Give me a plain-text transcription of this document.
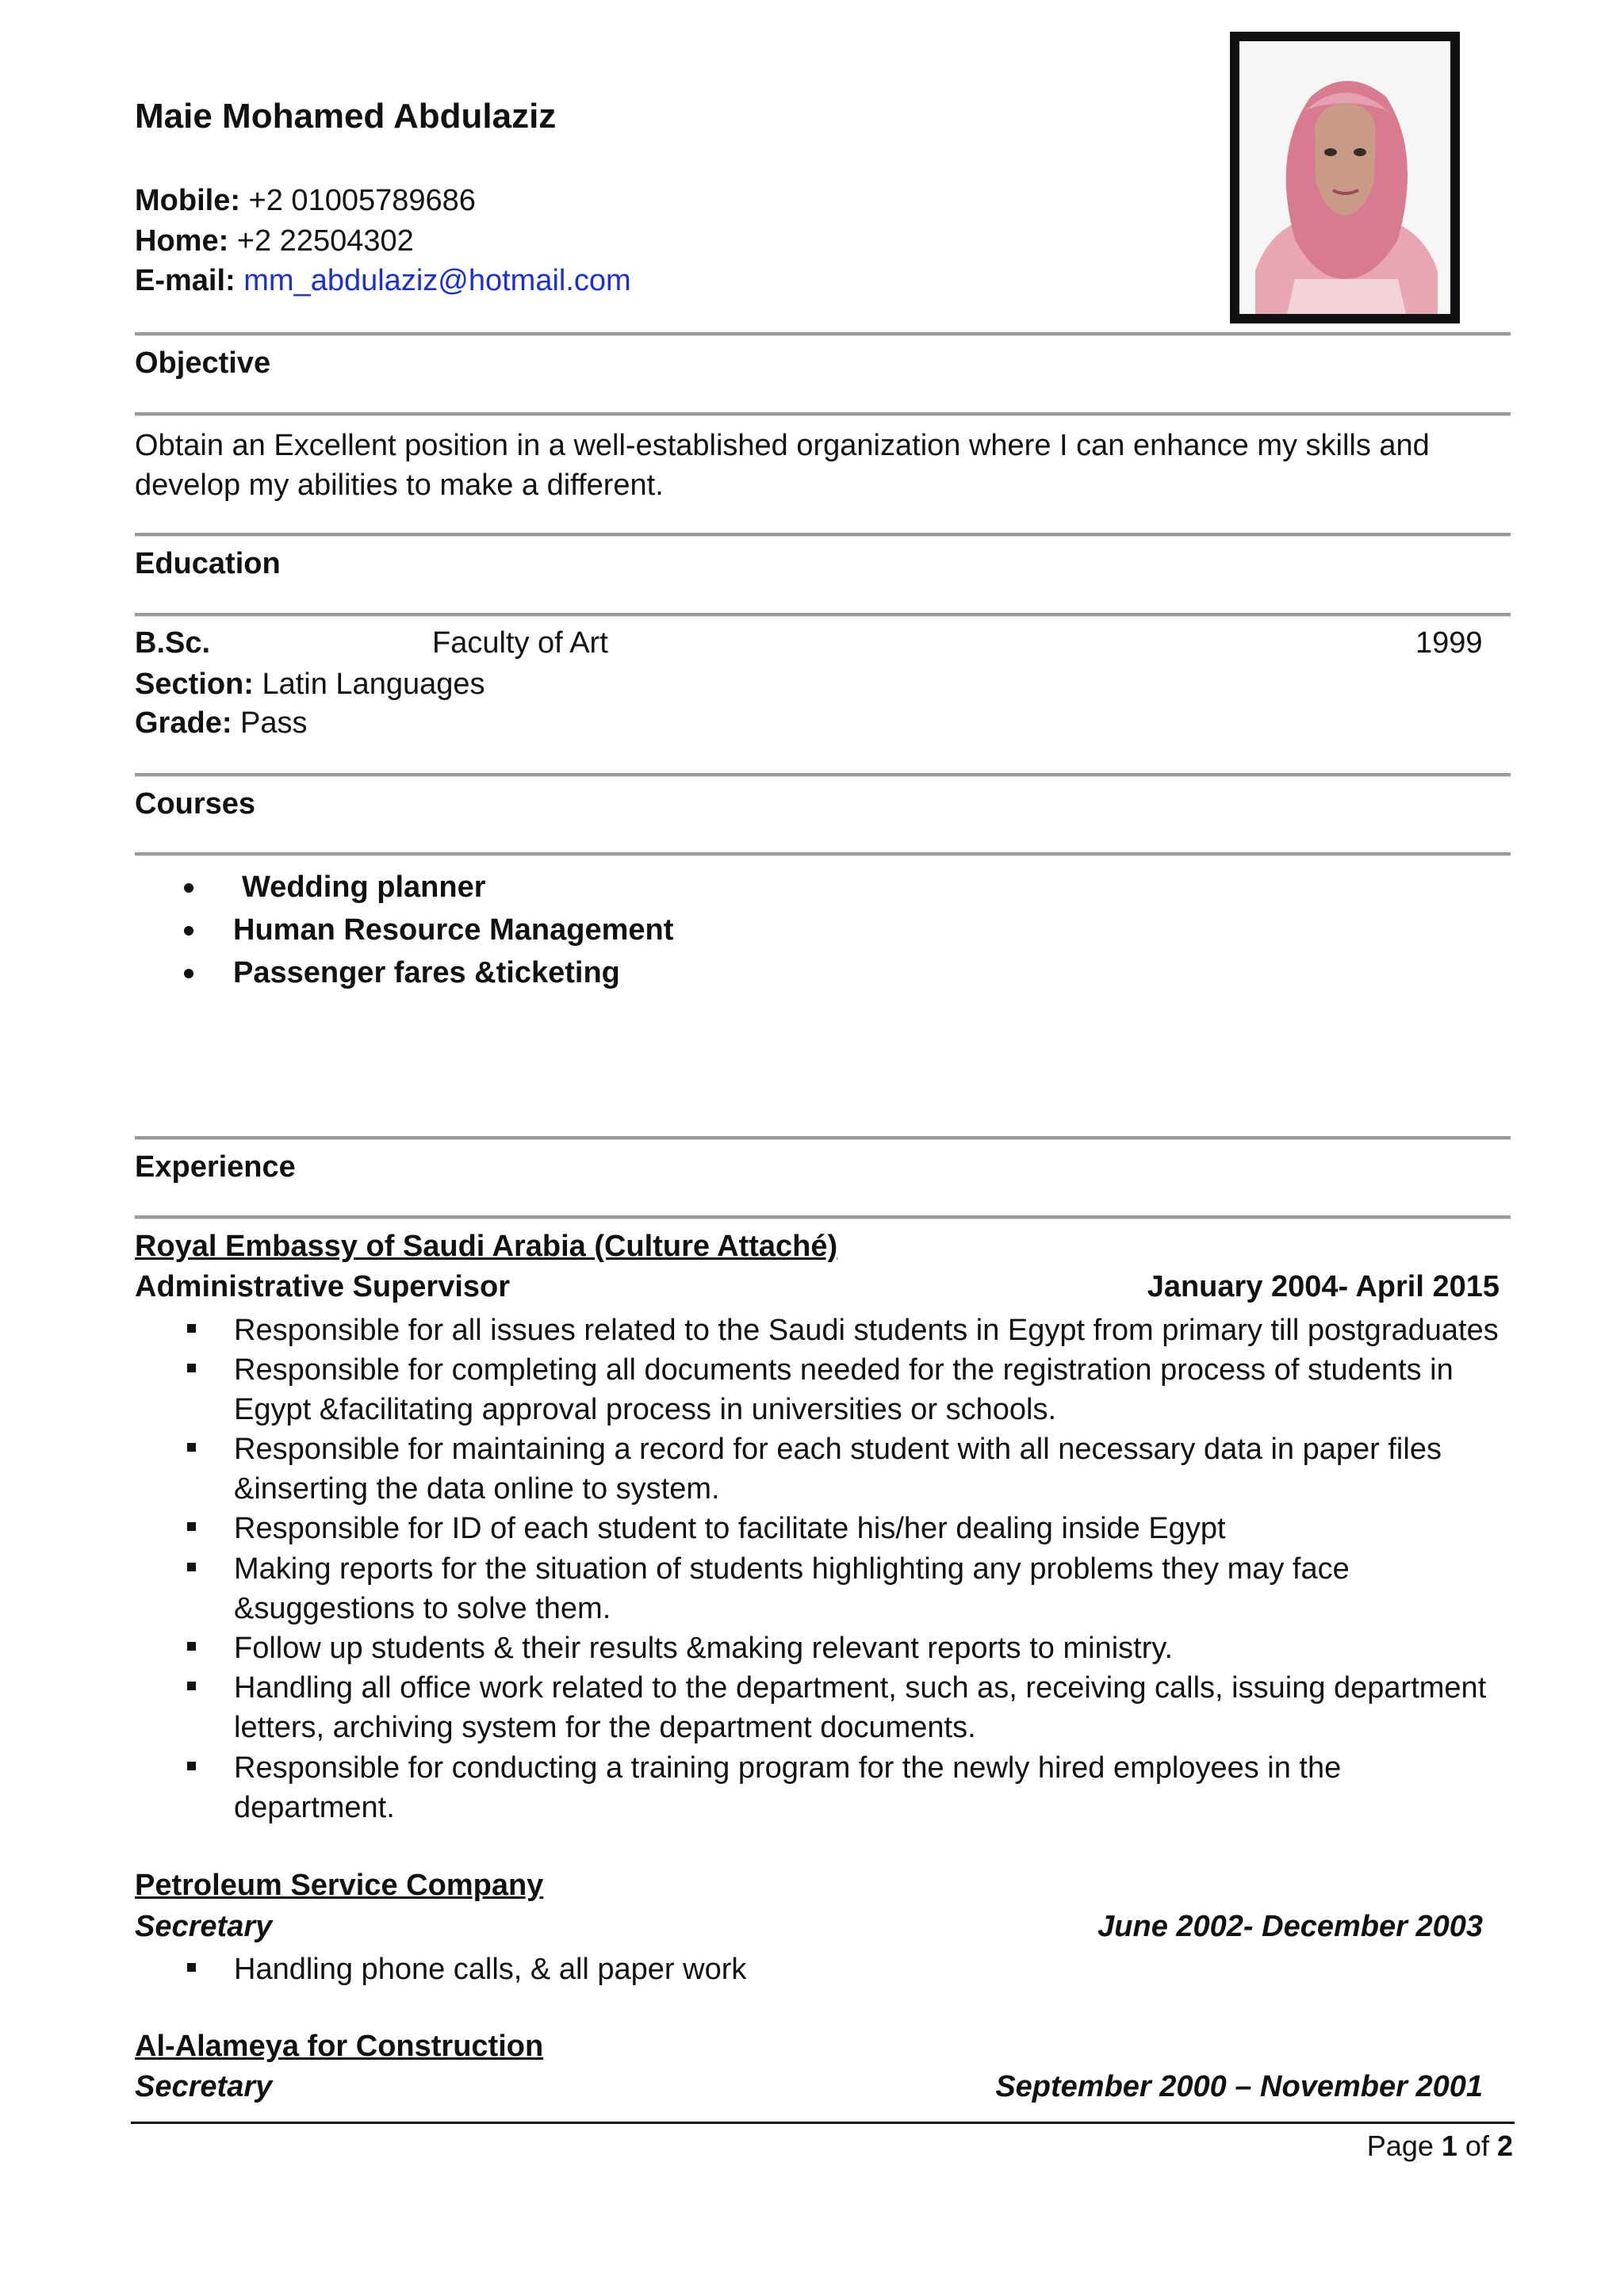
Maie Mohamed Abdulaziz
Mobile: +2 01005789686
Home: +2 22504302
E-mail: mm_abdulaziz@hotmail.com
Objective
Obtain an Excellent position in a well-established organization where I can enhance my skills and
develop my abilities to make a different.
Education
B.Sc.	Faculty of Art	1999
Section: Latin Languages
Grade: Pass
Courses
Wedding planner
Human Resource Management
Passenger fares &ticketing
Experience
Royal Embassy of Saudi Arabia (Culture Attaché)
Administrative Supervisor	January 2004- April 2015
Responsible for all issues related to the Saudi students in Egypt from primary till postgraduates
Responsible for completing all documents needed for the registration process of students in
Egypt &facilitating approval process in universities or schools.
Responsible for maintaining a record for each student with all necessary data in paper files
&inserting the data online to system.
Responsible for ID of each student to facilitate his/her dealing inside Egypt
Making reports for the situation of students highlighting any problems they may face
&suggestions to solve them.
Follow up students & their results &making relevant reports to ministry.
Handling all office work related to the department, such as, receiving calls, issuing department
letters, archiving system for the department documents.
Responsible for conducting a training program for the newly hired employees in the
department.
Petroleum Service Company
Secretary	June 2002- December 2003
Handling phone calls, & all paper work
Al-Alameya for Construction
Secretary	September 2000 – November 2001
Page 1 of 2
